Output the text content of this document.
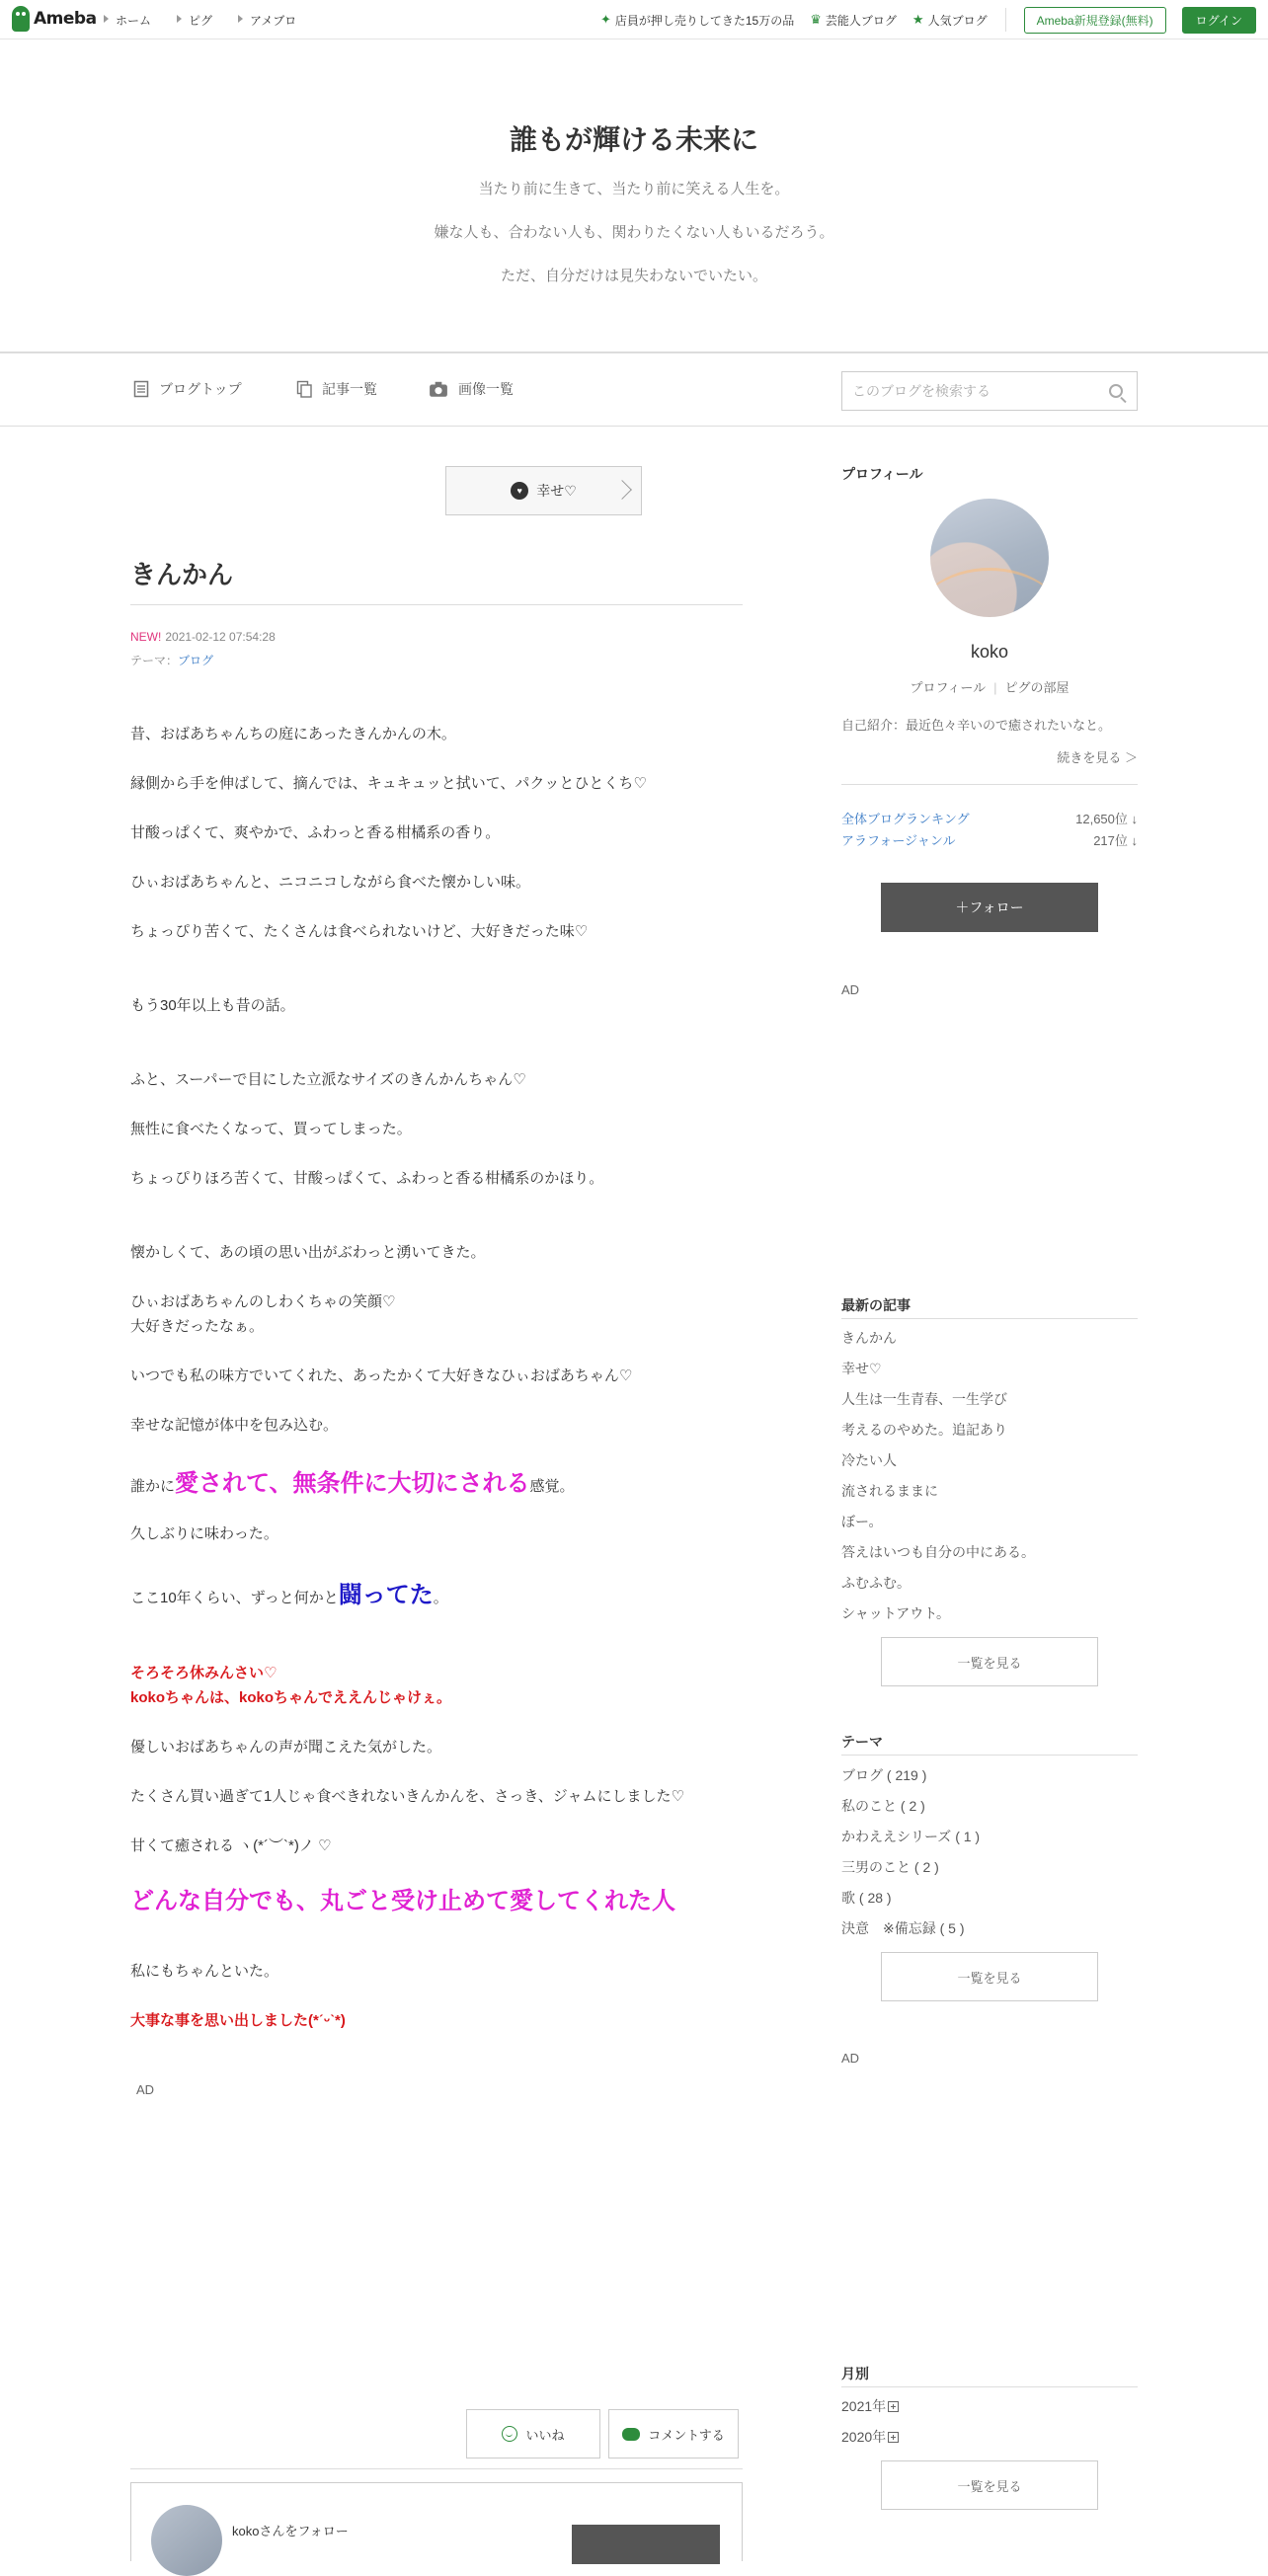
Ameba	ホーム	ピグ	アメブロ	✦ 店員が押し売りしてきた15万の品 ♛ 芸能人ブログ ★ 人気ブログ	Ameba新規登録(無料)	ログイン
誰もが輝ける未来に

当たり前に生きて、当たり前に笑える人生を。

嫌な人も、合わない人も、関わりたくない人もいるだろう。

ただ、自分だけは見失わないでいたい。

ブログトップ	記事一覧	画像一覧
このブログを検索する
♥	幸せ♡
きんかん
NEW! 2021-02-12 07:54:28
テーマ：ブログ
昔、おばあちゃんちの庭にあったきんかんの木。
縁側から手を伸ばして、摘んでは、キュキュッと拭いて、パクッとひとくち♡
甘酸っぱくて、爽やかで、ふわっと香る柑橘系の香り。
ひぃおばあちゃんと、ニコニコしながら食べた懐かしい味。
ちょっぴり苦くて、たくさんは食べられないけど、大好きだった味♡
もう30年以上も昔の話。
ふと、スーパーで目にした立派なサイズのきんかんちゃん♡
無性に食べたくなって、買ってしまった。
ちょっぴりほろ苦くて、甘酸っぱくて、ふわっと香る柑橘系のかほり。
懐かしくて、あの頃の思い出がぶわっと湧いてきた。
ひぃおばあちゃんのしわくちゃの笑顔♡
大好きだったなぁ。
いつでも私の味方でいてくれた、あったかくて大好きなひぃおばあちゃん♡
幸せな記憶が体中を包み込む。
誰かに愛されて、無条件に大切にされる感覚。
久しぶりに味わった。
ここ10年くらい、ずっと何かと闘ってた。
そろそろ休みんさい♡
kokoちゃんは、kokoちゃんでええんじゃけぇ。
優しいおばあちゃんの声が聞こえた気がした。
たくさん買い過ぎて1人じゃ食べきれないきんかんを、さっき、ジャムにしました♡
甘くて癒される ヽ(*´︶`*)ノ ♡
どんな自分でも、丸ごと受け止めて愛してくれた人
私にもちゃんといた。
大事な事を思い出しました(*ˊᵕˋ*)
AD
いいね	コメントする
kokoさんをフォロー
プロフィール
koko
プロフィール | ピグの部屋
自己紹介：最近色々辛いので癒されたいなと。
続きを見る ＞
全体ブログランキング	12,650位 ↓
アラフォージャンル	217位 ↓
＋フォロー
AD
最新の記事
きんかん
幸せ♡
人生は一生青春、一生学び
考えるのやめた。追記あり
冷たい人
流されるままに
ぼー。
答えはいつも自分の中にある。
ふむふむ。
シャットアウト。
一覧を見る
テーマ
ブログ ( 219 )
私のこと ( 2 )
かわええシリーズ ( 1 )
三男のこと ( 2 )
歌 ( 28 )
決意　※備忘録 ( 5 )
一覧を見る
AD
月別
2021年
2020年
一覧を見る
